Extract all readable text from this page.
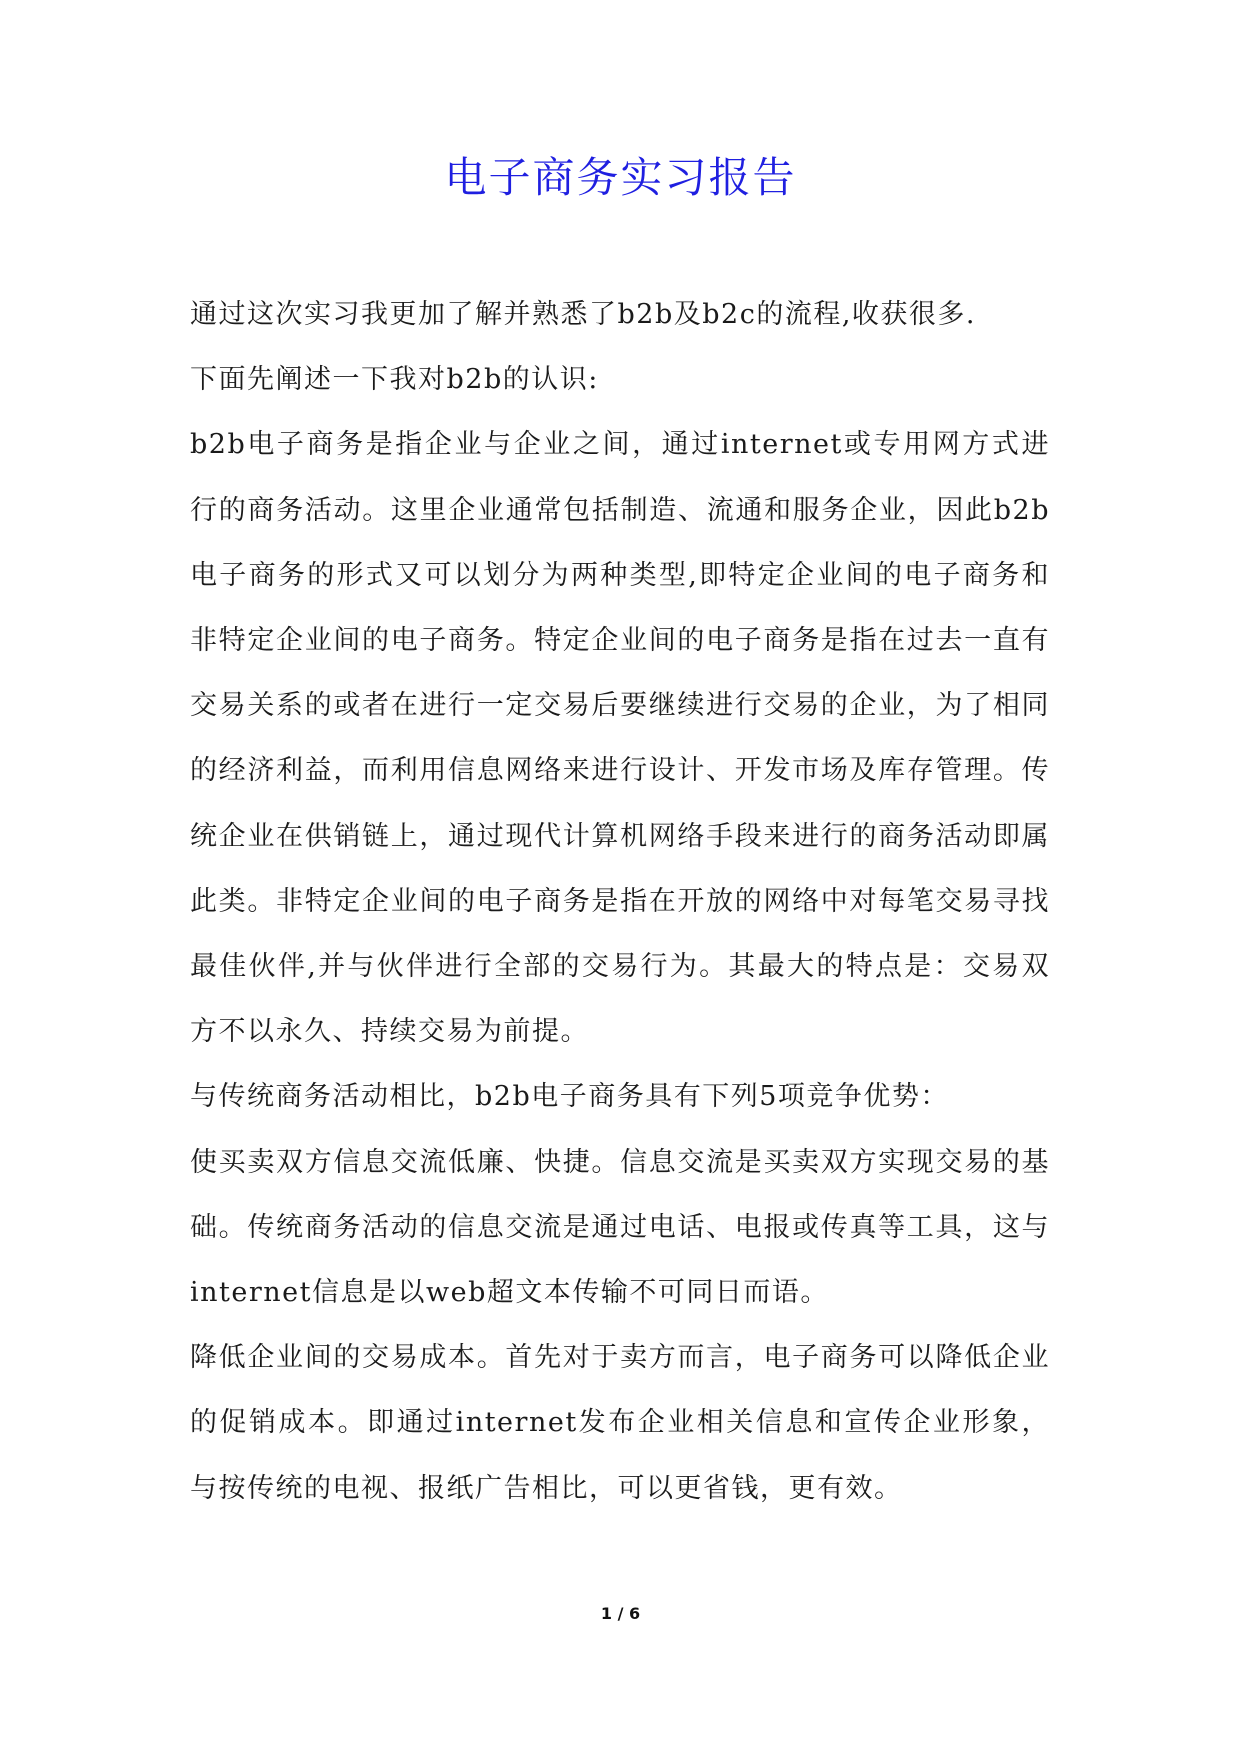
电子商务实习报告

通过这次实习我更加了解并熟悉了b2b及b2c的流程,收获很多.

下面先阐述一下我对b2b的认识:

b2b电子商务是指企业与企业之间，通过internet或专用网方式进行的商务活动。这里企业通常包括制造、流通和服务企业，因此b2b电子商务的形式又可以划分为两种类型,即特定企业间的电子商务和非特定企业间的电子商务。特定企业间的电子商务是指在过去一直有交易关系的或者在进行一定交易后要继续进行交易的企业，为了相同的经济利益，而利用信息网络来进行设计、开发市场及库存管理。传统企业在供销链上，通过现代计算机网络手段来进行的商务活动即属此类。非特定企业间的电子商务是指在开放的网络中对每笔交易寻找最佳伙伴,并与伙伴进行全部的交易行为。其最大的特点是：交易双方不以永久、持续交易为前提。

与传统商务活动相比，b2b电子商务具有下列5项竞争优势：

使买卖双方信息交流低廉、快捷。信息交流是买卖双方实现交易的基础。传统商务活动的信息交流是通过电话、电报或传真等工具，这与internet信息是以web超文本传输不可同日而语。

降低企业间的交易成本。首先对于卖方而言，电子商务可以降低企业的促销成本。即通过internet发布企业相关信息和宣传企业形象，与按传统的电视、报纸广告相比，可以更省钱，更有效。

1 / 6
